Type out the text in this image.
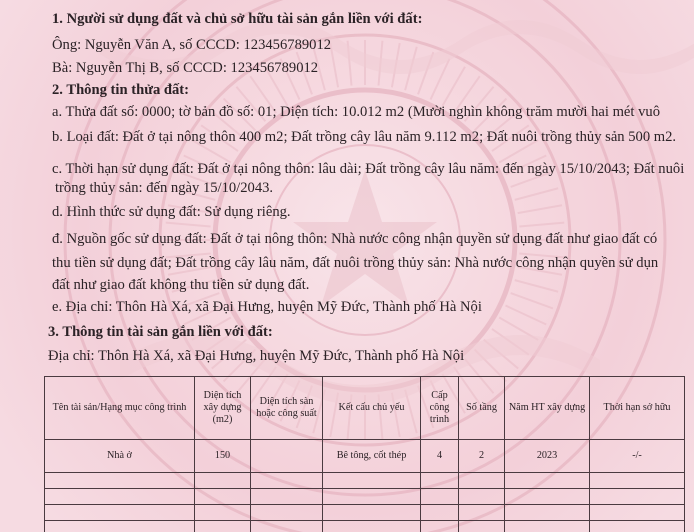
1. Người sử dụng đất và chủ sở hữu tài sản gắn liền với đất:
Ông: Nguyễn Văn A, số CCCD: 123456789012
Bà: Nguyễn Thị B, số CCCD: 123456789012
2. Thông tin thửa đất:
a. Thửa đất số: 0000; tờ bản đồ số: 01; Diện tích: 10.012 m2 (Mười nghìn không trăm mười hai mét vuô
b. Loại đất: Đất ở tại nông thôn 400 m2; Đất trồng cây lâu năm 9.112 m2; Đất nuôi trồng thủy sản 500 m2.
c. Thời hạn sử dụng đất: Đất ở tại nông thôn: lâu dài; Đất trồng cây lâu năm: đến ngày 15/10/2043; Đất nuôi
trồng thủy sản: đến ngày 15/10/2043.
d. Hình thức sử dụng đất: Sử dụng riêng.
đ. Nguồn gốc sử dụng đất: Đất ở tại nông thôn: Nhà nước công nhận quyền sử dụng đất như giao đất có
thu tiền sử dụng đất; Đất trồng cây lâu năm, đất nuôi trồng thủy sản: Nhà nước công nhận quyền sử dụn
đất như giao đất không thu tiền sử dụng đất.
e. Địa chỉ: Thôn Hà Xá, xã Đại Hưng, huyện Mỹ Đức, Thành phố Hà Nội
3. Thông tin tài sản gắn liền với đất:
Địa chỉ: Thôn Hà Xá, xã Đại Hưng, huyện Mỹ Đức, Thành phố Hà Nội
Tên tài sản/Hạng mục công trình	Diện tích xây dựng (m2)	Diện tích sàn hoặc công suất	Kết cấu chủ yếu	Cấp công trình	Số tầng	Năm HT xây dựng	Thời hạn sở hữu
Nhà ở	150		Bê tông, cốt thép	4	2	2023	-/-
